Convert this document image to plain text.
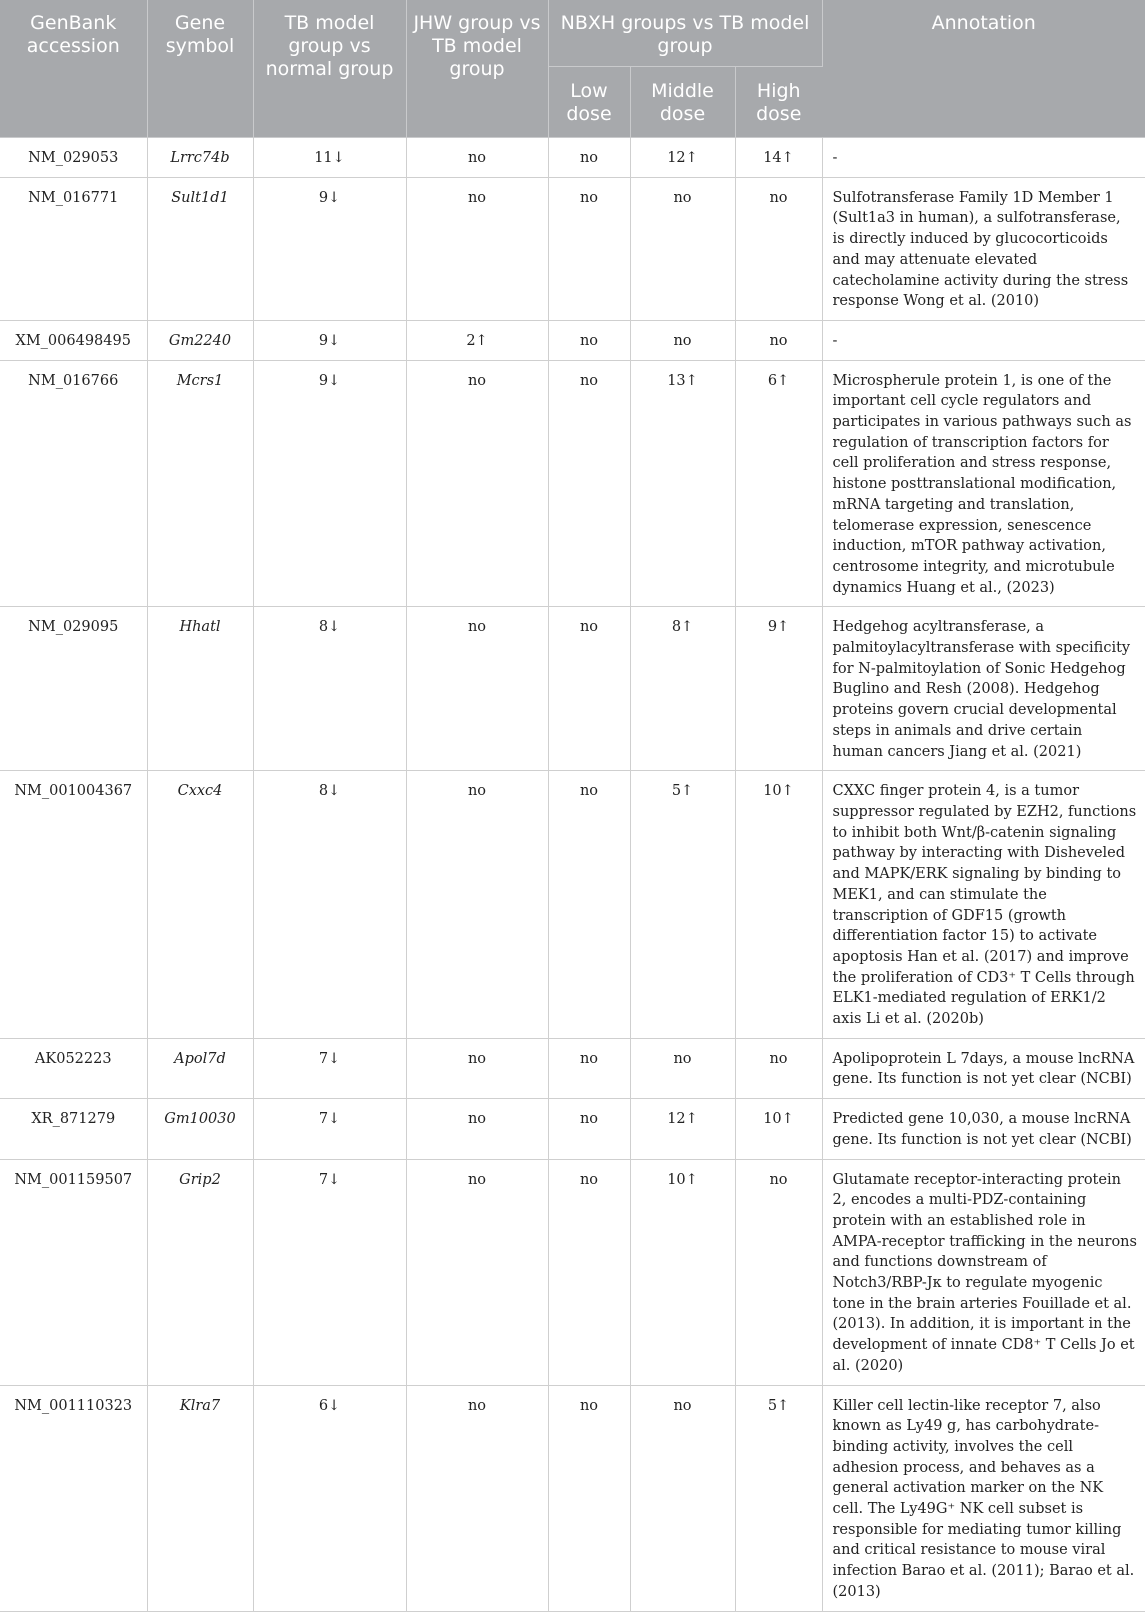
GenBank accession	Gene symbol	TB model group vs normal group	JHW group vs TB model group	NBXH groups vs TB model group			Annotation
				Low dose	Middle dose	High dose	
NM_029053	Lrrc74b	11↓	no	no	12↑	14↑	-
NM_016771	Sult1d1	9↓	no	no	no	no	Sulfotransferase Family 1D Member 1 (Sult1a3 in human), a sulfotransferase, is directly induced by glucocorticoids and may attenuate elevated catecholamine activity during the stress response Wong et al. (2010)
XM_006498495	Gm2240	9↓	2↑	no	no	no	-
NM_016766	Mcrs1	9↓	no	no	13↑	6↑	Microspherule protein 1, is one of the important cell cycle regulators and participates in various pathways such as regulation of transcription factors for cell proliferation and stress response, histone posttranslational modification, mRNA targeting and translation, telomerase expression, senescence induction, mTOR pathway activation, centrosome integrity, and microtubule dynamics Huang et al., (2023)
NM_029095	Hhatl	8↓	no	no	8↑	9↑	Hedgehog acyltransferase, a palmitoylacyltransferase with specificity for N-palmitoylation of Sonic Hedgehog Buglino and Resh (2008). Hedgehog proteins govern crucial developmental steps in animals and drive certain human cancers Jiang et al. (2021)
NM_001004367	Cxxc4	8↓	no	no	5↑	10↑	CXXC finger protein 4, is a tumor suppressor regulated by EZH2, functions to inhibit both Wnt/β-catenin signaling pathway by interacting with Disheveled and MAPK/ERK signaling by binding to MEK1, and can stimulate the transcription of GDF15 (growth differentiation factor 15) to activate apoptosis Han et al. (2017) and improve the proliferation of CD3⁺ T Cells through ELK1-mediated regulation of ERK1/2 axis Li et al. (2020b)
AK052223	Apol7d	7↓	no	no	no	no	Apolipoprotein L 7days, a mouse lncRNA gene. Its function is not yet clear (NCBI)
XR_871279	Gm10030	7↓	no	no	12↑	10↑	Predicted gene 10,030, a mouse lncRNA gene. Its function is not yet clear (NCBI)
NM_001159507	Grip2	7↓	no	no	10↑	no	Glutamate receptor-interacting protein 2, encodes a multi-PDZ-containing protein with an established role in AMPA-receptor trafficking in the neurons and functions downstream of Notch3/RBP-Jκ to regulate myogenic tone in the brain arteries Fouillade et al. (2013). In addition, it is important in the development of innate CD8⁺ T Cells Jo et al. (2020)
NM_001110323	Klra7	6↓	no	no	no	5↑	Killer cell lectin-like receptor 7, also known as Ly49 g, has carbohydrate-binding activity, involves the cell adhesion process, and behaves as a general activation marker on the NK cell. The Ly49G⁺ NK cell subset is responsible for mediating tumor killing and critical resistance to mouse viral infection Barao et al. (2011); Barao et al. (2013)
